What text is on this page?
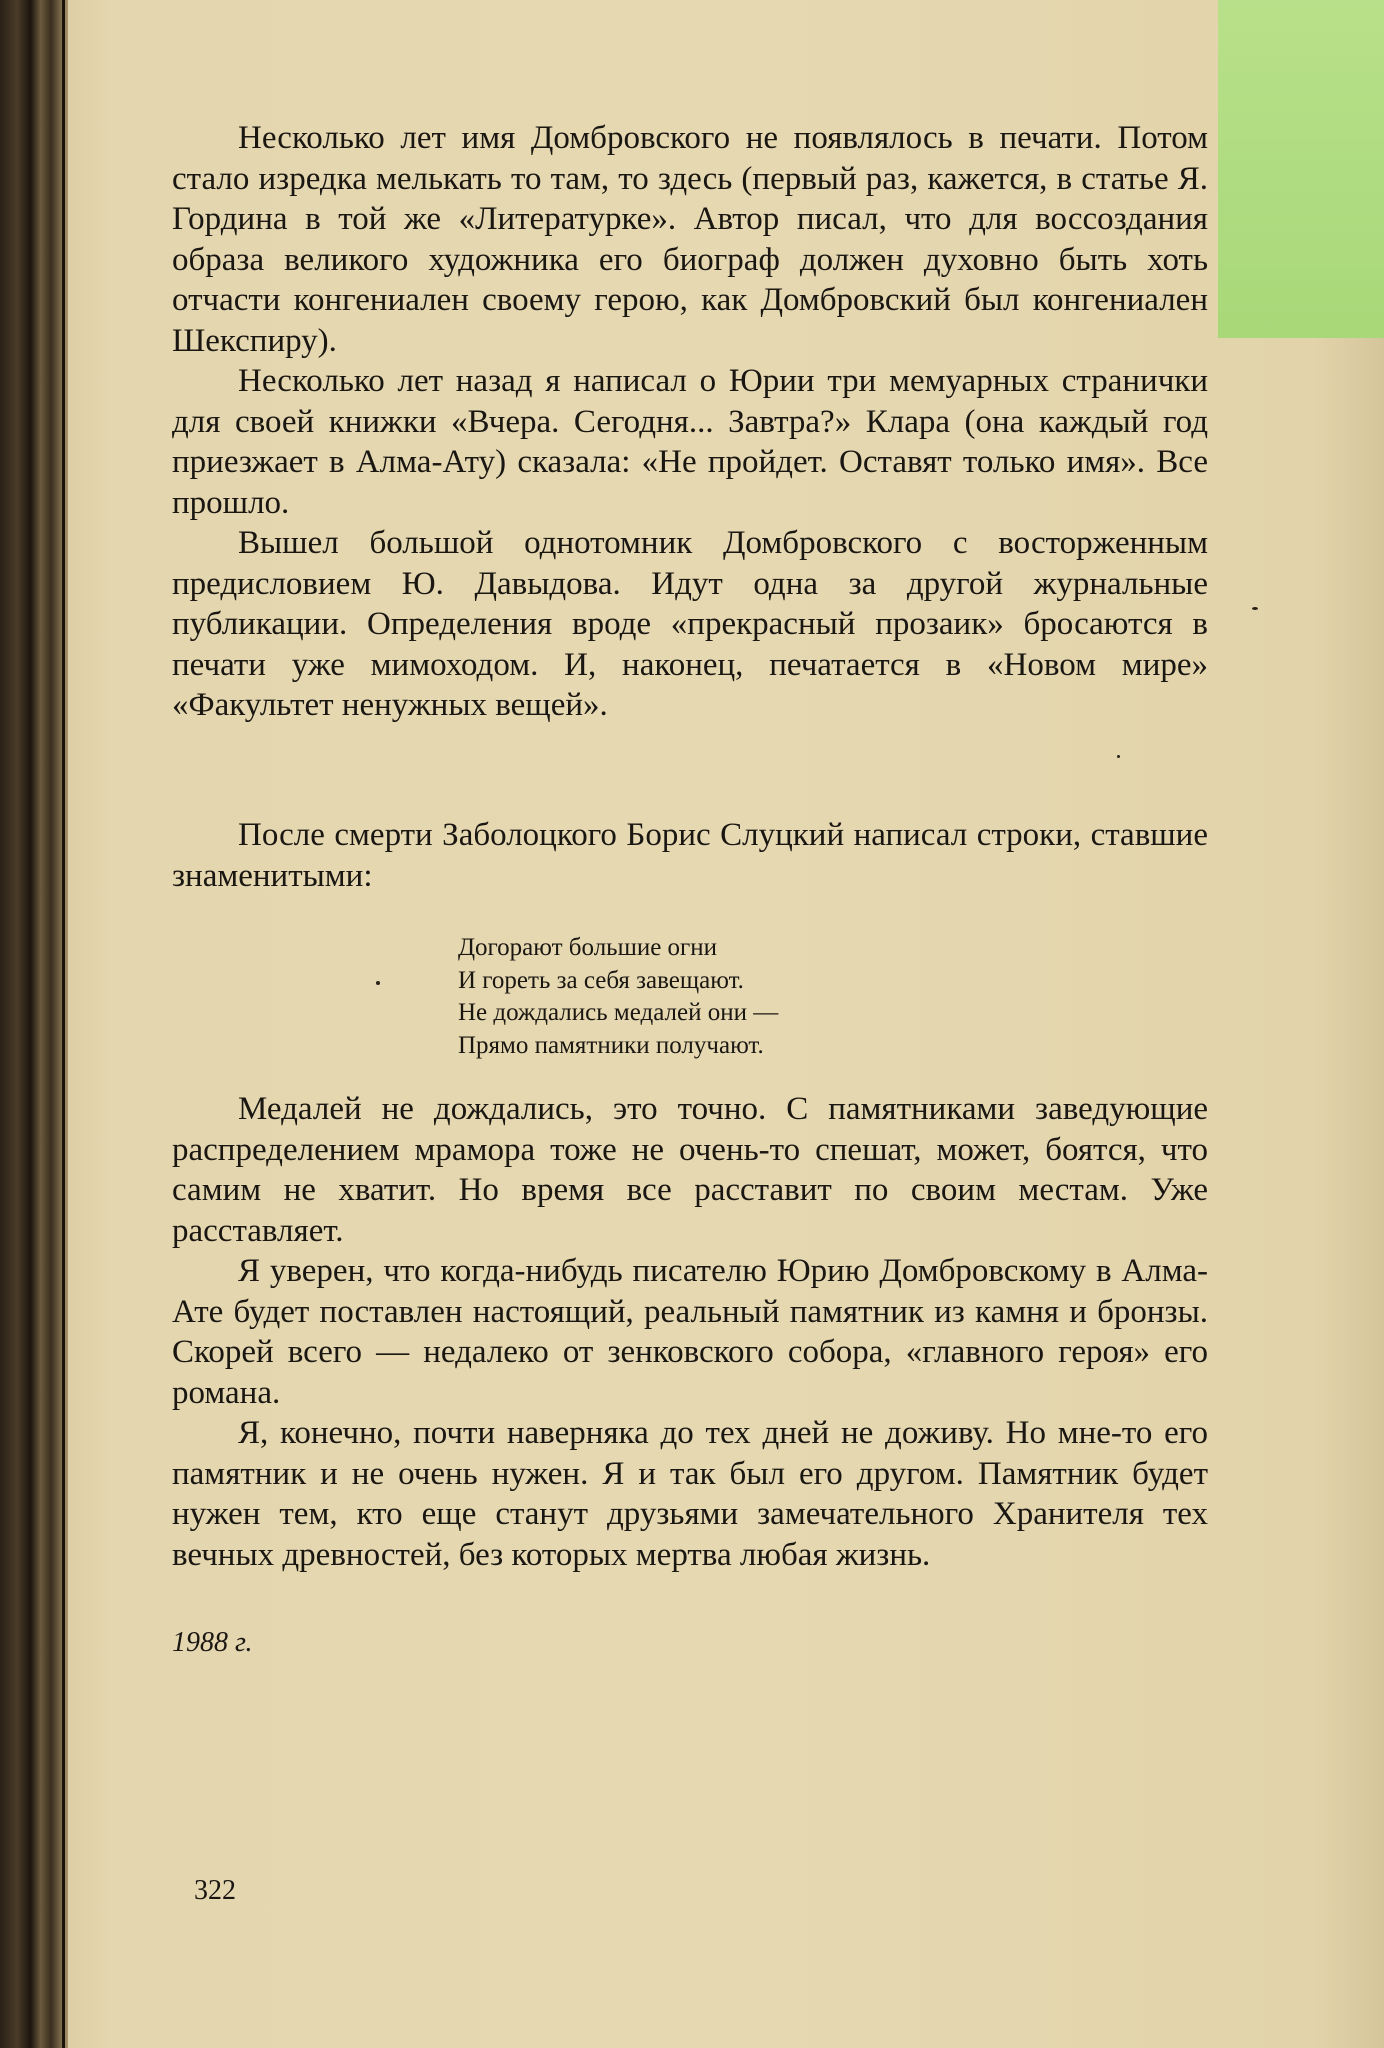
Несколько лет имя Домбровского не появлялось в печати. Потом стало изредка мелькать то там, то здесь (первый раз, кажется, в статье Я. Гордина в той же «Литературке». Автор писал, что для воссоздания образа великого художника его биограф должен духовно быть хоть отчасти конгениален своему герою, как Домбровский был конгениален Шекспиру).

Несколько лет назад я написал о Юрии три мемуарных странички для своей книжки «Вчера. Сегодня... Завтра?» Клара (она каждый год приезжает в Алма-Ату) сказала: «Не пройдет. Оставят только имя». Все прошло.

Вышел большой однотомник Домбровского с восторженным предисловием Ю. Давыдова. Идут одна за другой журнальные публикации. Определения вроде «прекрасный прозаик» бросаются в печати уже мимоходом. И, наконец, печатается в «Новом мире» «Факультет ненужных вещей».

После смерти Заболоцкого Борис Слуцкий написал строки, ставшие знаменитыми:

Догорают большие огни
И гореть за себя завещают.
Не дождались медалей они —
Прямо памятники получают.

Медалей не дождались, это точно. С памятниками заведующие распределением мрамора тоже не очень-то спешат, может, боятся, что самим не хватит. Но время все расставит по своим местам. Уже расставляет.

Я уверен, что когда-нибудь писателю Юрию Домбровскому в Алма-Ате будет поставлен настоящий, реальный памятник из камня и бронзы. Скорей всего — недалеко от зенковского собора, «главного героя» его романа.

Я, конечно, почти наверняка до тех дней не доживу. Но мне-то его памятник и не очень нужен. Я и так был его другом. Памятник будет нужен тем, кто еще станут друзьями замечательного Хранителя тех вечных древностей, без которых мертва любая жизнь.

1988 г.
322
